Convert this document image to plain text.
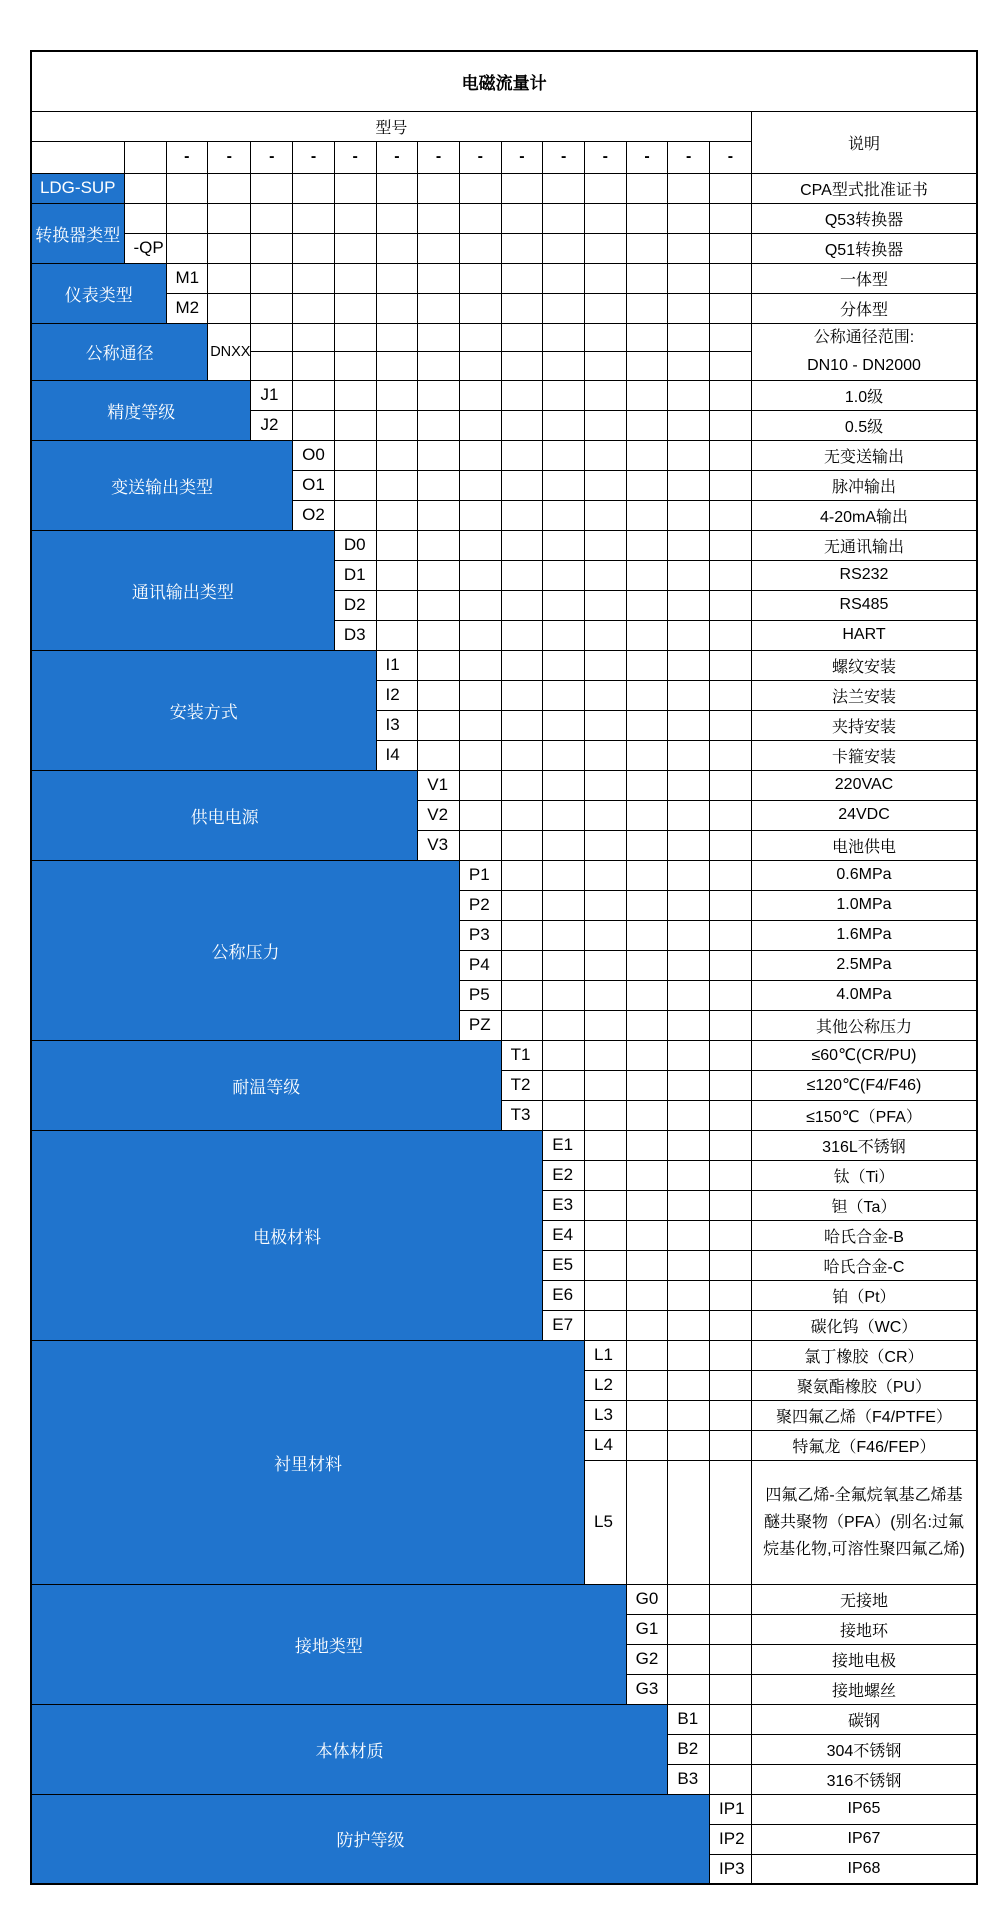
电磁流量计																
型号																说明
		-	-	-	-	-	-	-	-	-	-	-	-	-	-	
LDG-SUP																CPA型式批准证书
转换器类型																Q53转换器
	-QP															Q51转换器
仪表类型		M1														一体型
		M2														分体型
公称通径			DNXX													公称通径范围:
DN10 - DN2000

精度等级				J1												1.0级
				J2												0.5级
变送输出类型					O0											无变送输出
					O1											脉冲输出
					O2											4-20mA输出
通讯输出类型						D0										无通讯输出
						D1										RS232
						D2										RS485
						D3										HART
安装方式							I1									螺纹安装
							I2									法兰安装
							I3									夹持安装
							I4									卡箍安装
供电电源								V1								220VAC
								V2								24VDC
								V3								电池供电
公称压力									P1							0.6MPa
									P2							1.0MPa
									P3							1.6MPa
									P4							2.5MPa
									P5							4.0MPa
									PZ							其他公称压力
耐温等级										T1						≤60℃(CR/PU)
										T2						≤120℃(F4/F46)
										T3						≤150℃（PFA）
电极材料											E1					316L不锈钢
											E2					钛（Ti）
											E3					钽（Ta）
											E4					哈氏合金-B
											E5					哈氏合金-C
											E6					铂（Pt）
											E7					碳化钨（WC）
衬里材料												L1				氯丁橡胶（CR）
												L2				聚氨酯橡胶（PU）
												L3				聚四氟乙烯（F4/PTFE）
												L4				特氟龙（F46/FEP）
												L5				四氟乙烯-全氟烷氧基乙烯基醚共聚物（PFA）(别名:过氟烷基化物,可溶性聚四氟乙烯)
接地类型													G0			无接地
													G1			接地环
													G2			接地电极
													G3			接地螺丝
本体材质														B1		碳钢
														B2		304不锈钢
														B3		316不锈钢
防护等级															IP1	IP65
															IP2	IP67
															IP3	IP68
